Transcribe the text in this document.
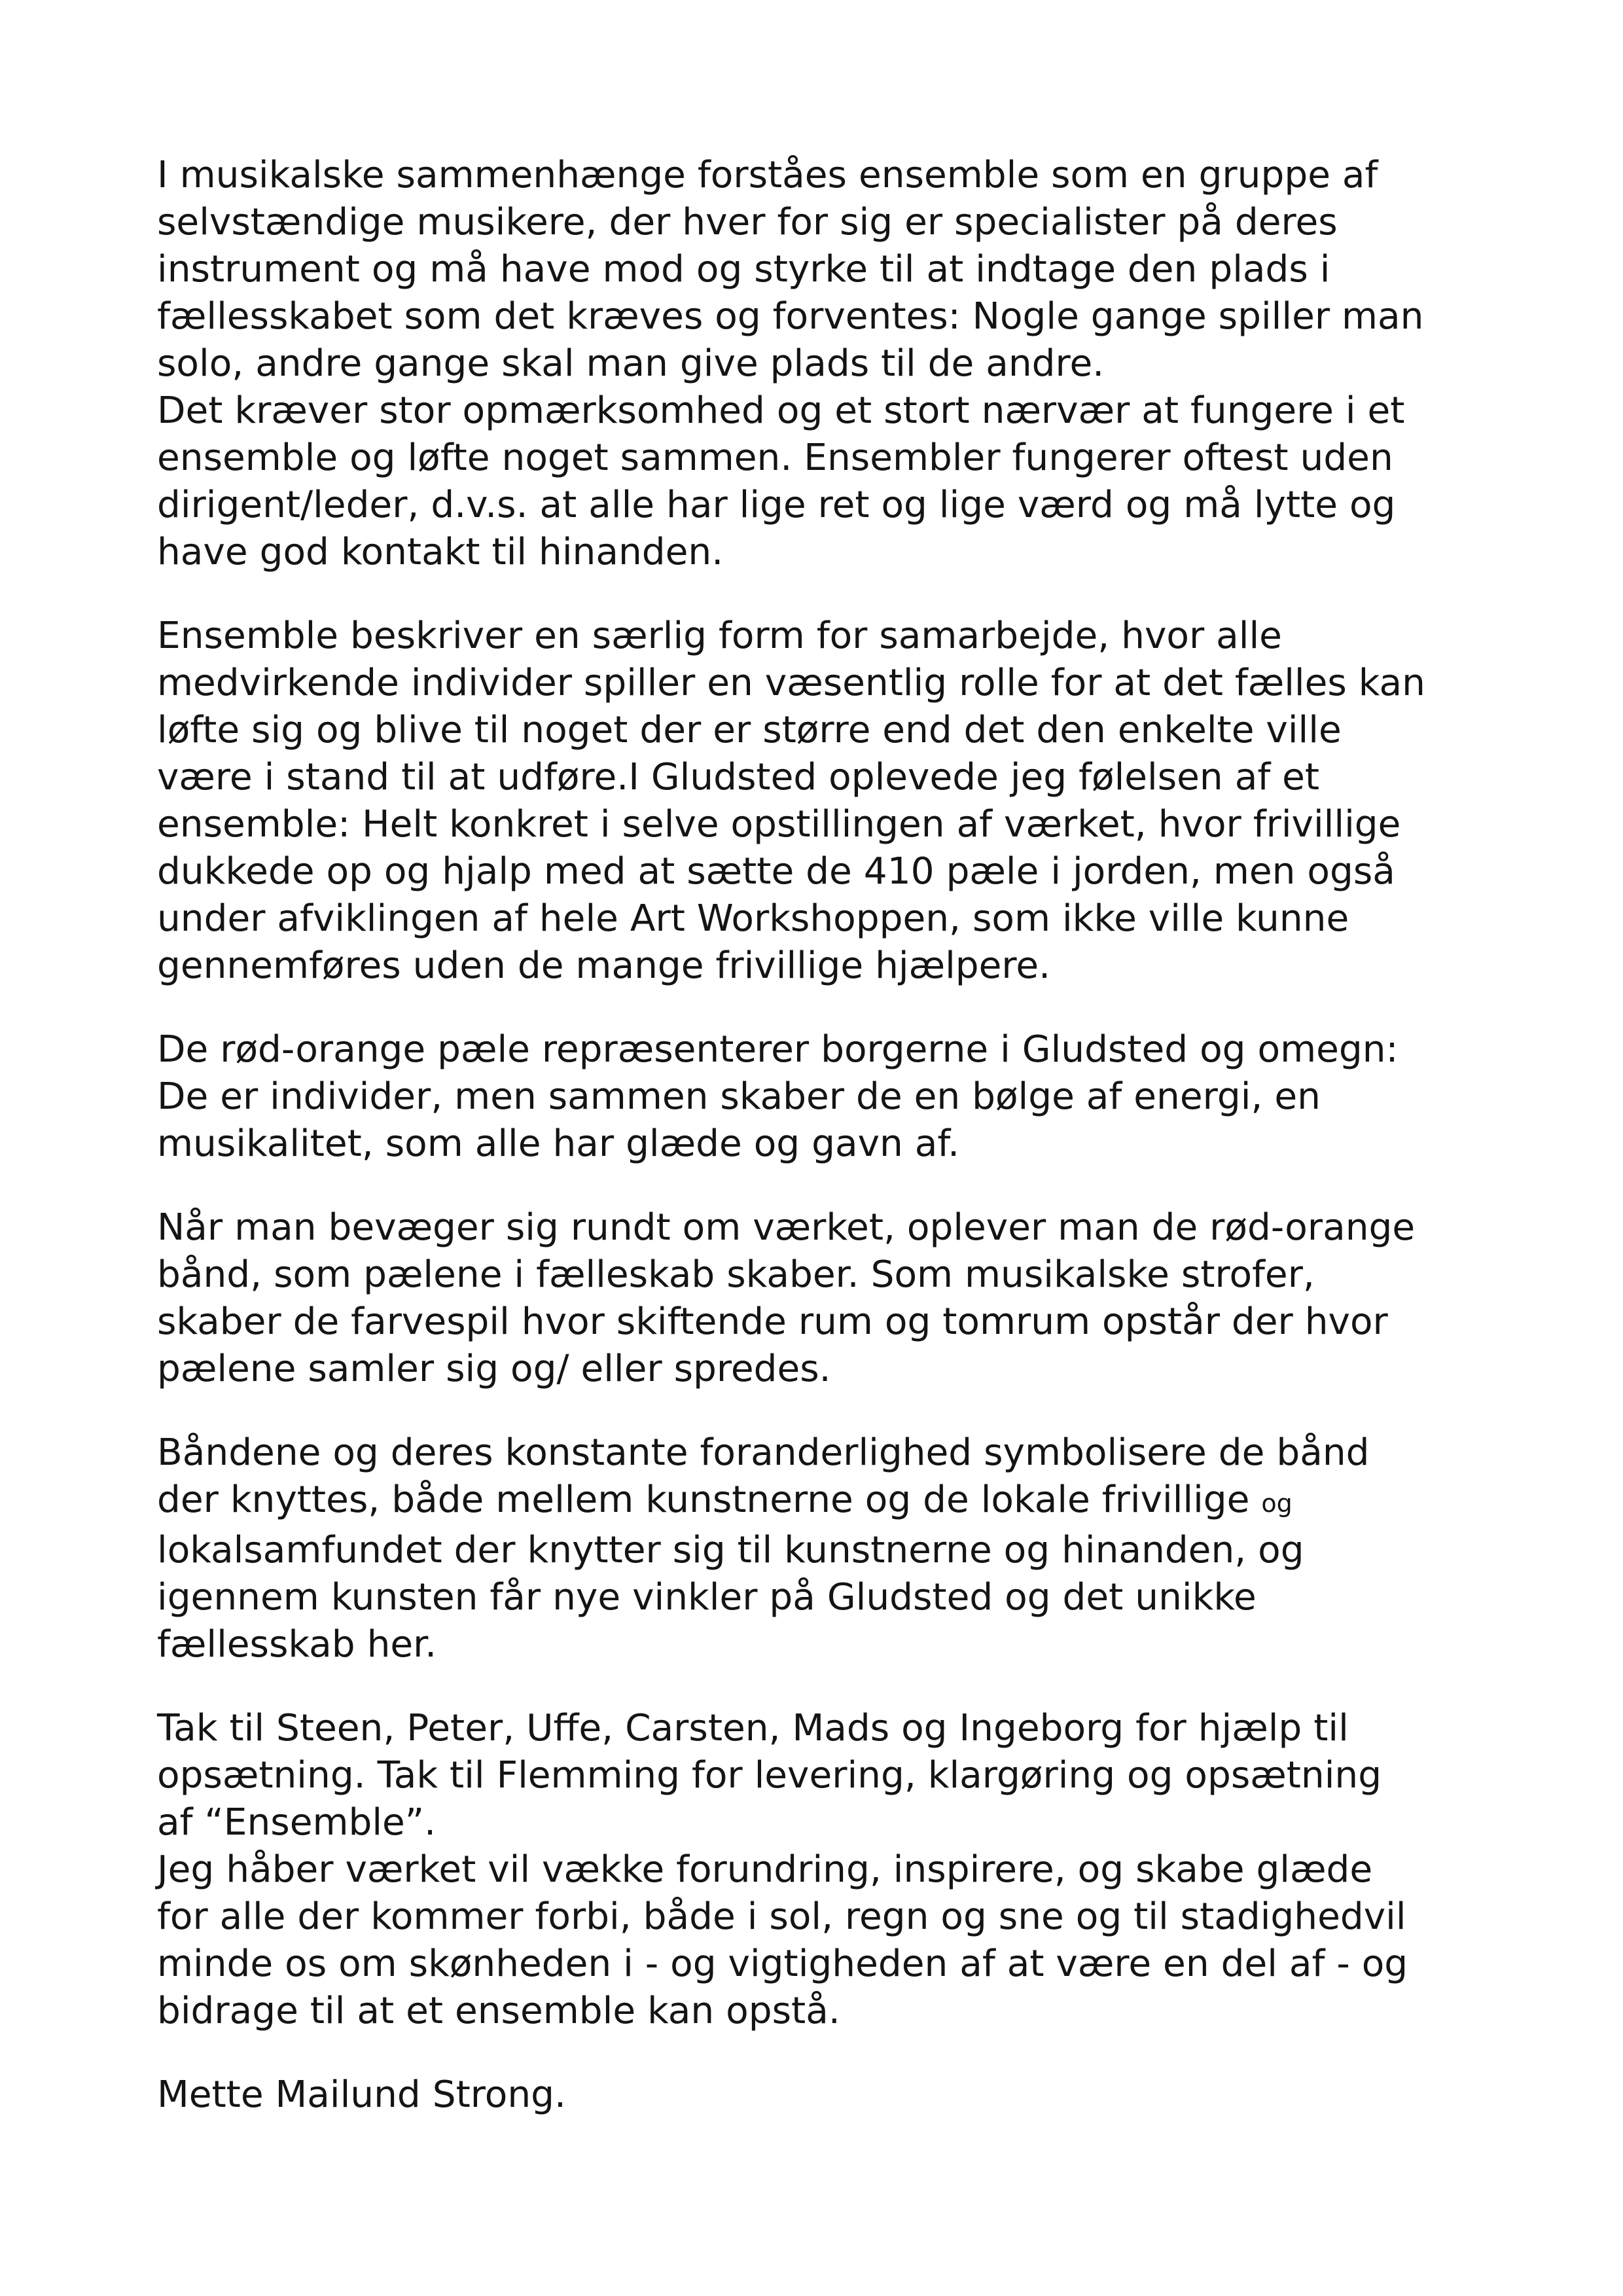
I musikalske sammenhænge forståes ensemble som en gruppe af
selvstændige musikere, der hver for sig er specialister på deres
instrument og må have mod og styrke til at indtage den plads i
fællesskabet som det kræves og forventes: Nogle gange spiller man
solo, andre gange skal man give plads til de andre.
Det kræver stor opmærksomhed og et stort nærvær at fungere i et
ensemble og løfte noget sammen. Ensembler fungerer oftest uden
dirigent/leder, d.v.s. at alle har lige ret og lige værd og må lytte og
have god kontakt til hinanden.

Ensemble beskriver en særlig form for samarbejde, hvor alle
medvirkende individer spiller en væsentlig rolle for at det fælles kan
løfte sig og blive til noget der er større end det den enkelte ville
være i stand til at udføre.I Gludsted oplevede jeg følelsen af et
ensemble: Helt konkret i selve opstillingen af værket, hvor frivillige
dukkede op og hjalp med at sætte de 410 pæle i jorden, men også
under afviklingen af hele Art Workshoppen, som ikke ville kunne
gennemføres uden de mange frivillige hjælpere.

De rød-orange pæle repræsenterer borgerne i Gludsted og omegn:
De er individer, men sammen skaber de en bølge af energi, en
musikalitet, som alle har glæde og gavn af.

Når man bevæger sig rundt om værket, oplever man de rød-orange
bånd, som pælene i fælleskab skaber. Som musikalske strofer,
skaber de farvespil hvor skiftende rum og tomrum opstår der hvor
pælene samler sig og/ eller spredes.

Båndene og deres konstante foranderlighed symbolisere de bånd
der knyttes, både mellem kunstnerne og de lokale frivillige og
lokalsamfundet der knytter sig til kunstnerne og hinanden, og
igennem kunsten får nye vinkler på Gludsted og det unikke
fællesskab her.

Tak til Steen, Peter, Uffe, Carsten, Mads og Ingeborg for hjælp til
opsætning. Tak til Flemming for levering, klargøring og opsætning
af “Ensemble”.
Jeg håber værket vil vække forundring, inspirere, og skabe glæde
for alle der kommer forbi, både i sol, regn og sne og til stadighedvil
minde os om skønheden i - og vigtigheden af at være en del af - og
bidrage til at et ensemble kan opstå.

Mette Mailund Strong.
